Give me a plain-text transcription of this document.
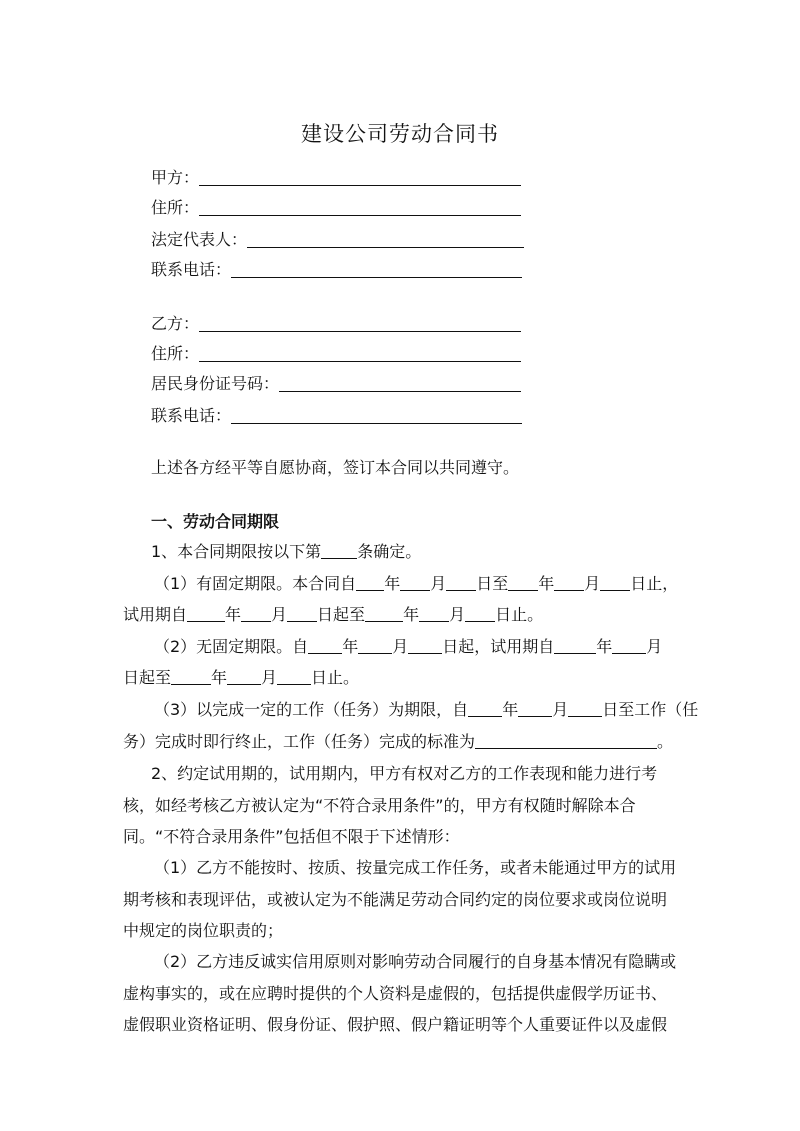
建设公司劳动合同书
甲方：
住所：
法定代表人：
联系电话：
乙方：
住所：
居民身份证号码：
联系电话：
上述各方经平等自愿协商，签订本合同以共同遵守。
一、劳动合同期限
1、本合同期限按以下第 条确定。
（1）有固定期限。本合同自 年 月 日至 年 月 日止，
试用期自 年 月 日起至 年 月 日止。
（2）无固定期限。自 年 月 日起，试用期自	年 月
日起至	年 月 日止。
（3）以完成一定的工作（任务）为期限，自 年 月 日至工作（任
务）完成时即行终止，工作（任务）完成的标准为	。
2、约定试用期的，试用期内，甲方有权对乙方的工作表现和能力进行考
核，如经考核乙方被认定为“不符合录用条件”的，甲方有权随时解除本合
同。“不符合录用条件”包括但不限于下述情形：
（1）乙方不能按时、按质、按量完成工作任务，或者未能通过甲方的试用
期考核和表现评估，或被认定为不能满足劳动合同约定的岗位要求或岗位说明
中规定的岗位职责的；
（2）乙方违反诚实信用原则对影响劳动合同履行的自身基本情况有隐瞒或
虚构事实的，或在应聘时提供的个人资料是虚假的，包括提供虚假学历证书、
虚假职业资格证明、假身份证、假护照、假户籍证明等个人重要证件以及虚假
